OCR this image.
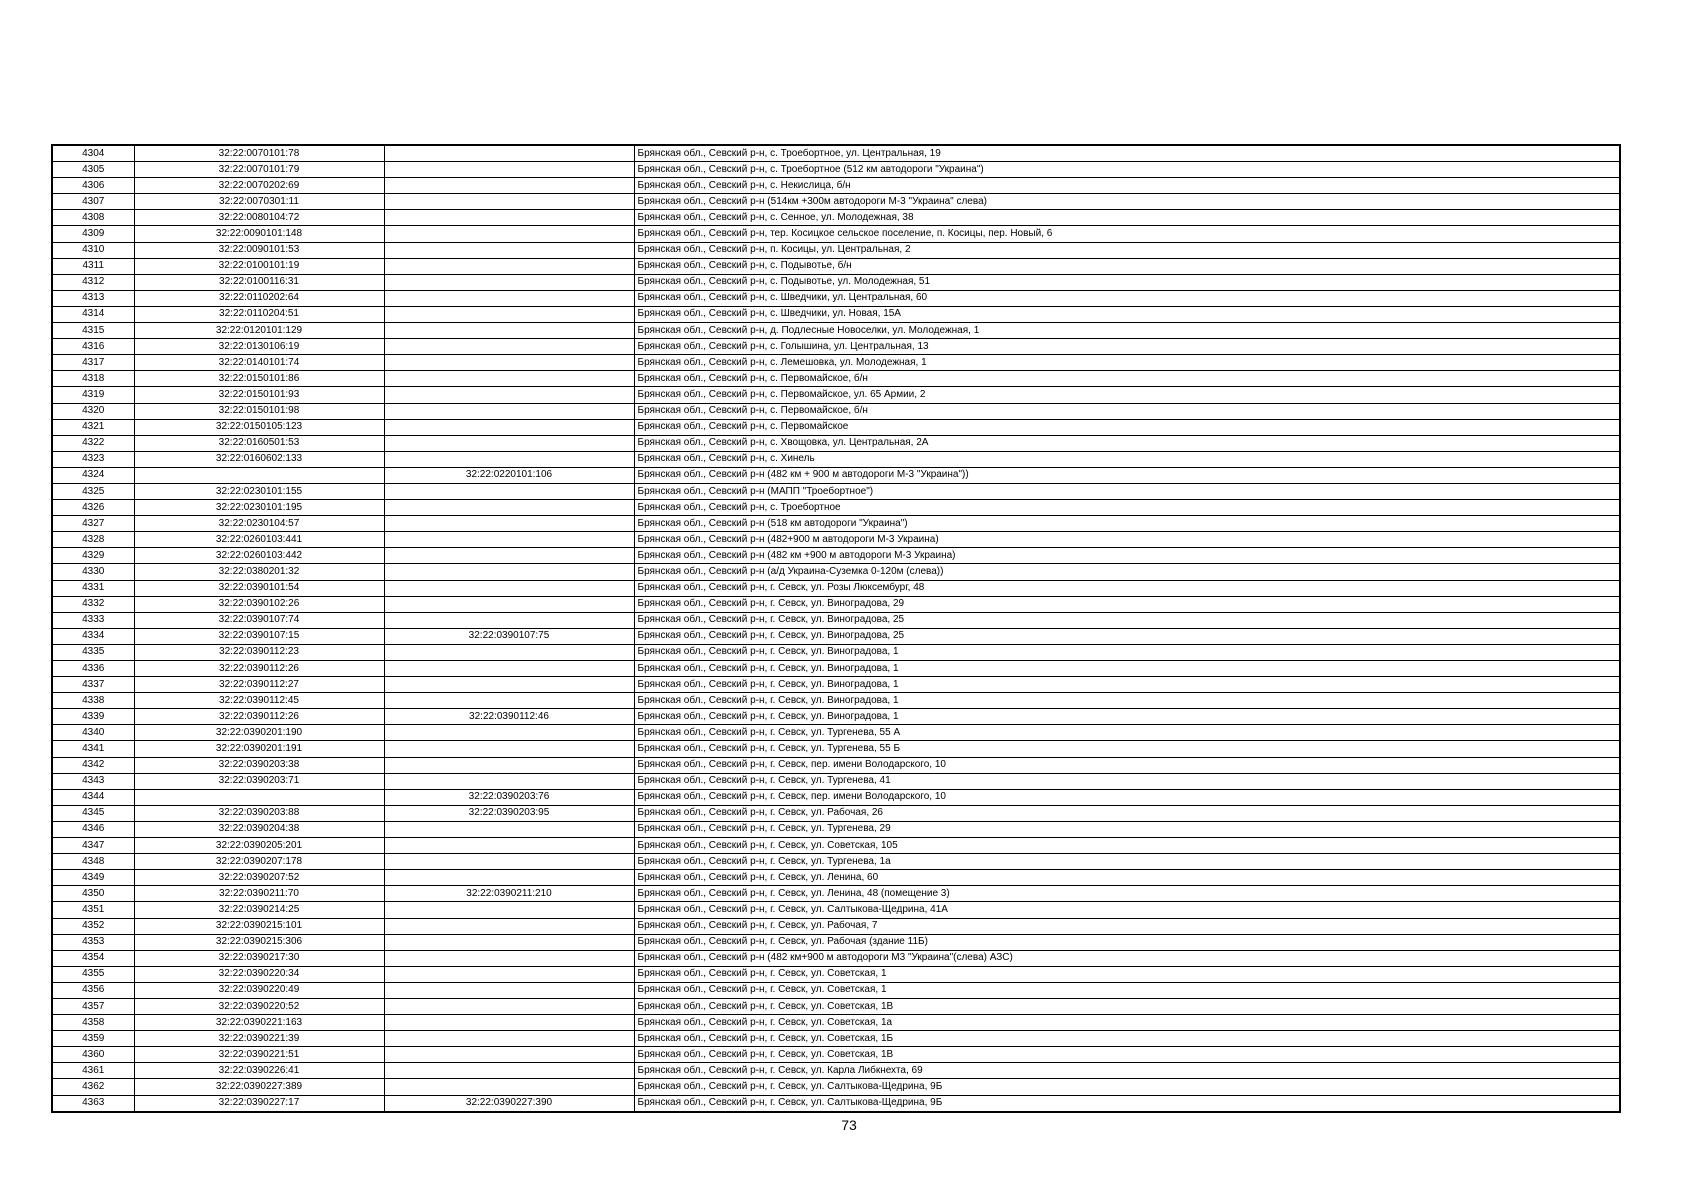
4304	32:22:0070101:78		Брянская обл., Севский р-н, с. Троебортное, ул. Центральная, 19
4305	32:22:0070101:79		Брянская обл., Севский р-н, с. Троебортное (512 км автодороги "Украина")
4306	32:22:0070202:69		Брянская обл., Севский р-н, с. Некислица, б/н
4307	32:22:0070301:11		Брянская обл., Севский р-н (514км +300м автодороги М-3 "Украина" слева)
4308	32:22:0080104:72		Брянская обл., Севский р-н, с. Сенное, ул. Молодежная, 38
4309	32:22:0090101:148		Брянская обл., Севский р-н, тер. Косицкое сельское поселение, п. Косицы, пер. Новый, 6
4310	32:22:0090101:53		Брянская обл., Севский р-н, п. Косицы, ул. Центральная, 2
4311	32:22:0100101:19		Брянская обл., Севский р-н, с. Подывотье, б/н
4312	32:22:0100116:31		Брянская обл., Севский р-н, с. Подывотье, ул. Молодежная, 51
4313	32:22:0110202:64		Брянская обл., Севский р-н, с. Шведчики, ул. Центральная, 60
4314	32:22:0110204:51		Брянская обл., Севский р-н, с. Шведчики, ул. Новая, 15А
4315	32:22:0120101:129		Брянская обл., Севский р-н, д. Подлесные Новоселки, ул. Молодежная, 1
4316	32:22:0130106:19		Брянская обл., Севский р-н, с. Голышина, ул. Центральная, 13
4317	32:22:0140101:74		Брянская обл., Севский р-н, с. Лемешовка, ул. Молодежная, 1
4318	32:22:0150101:86		Брянская обл., Севский р-н, с. Первомайское, б/н
4319	32:22:0150101:93		Брянская обл., Севский р-н, с. Первомайское, ул. 65 Армии, 2
4320	32:22:0150101:98		Брянская обл., Севский р-н, с. Первомайское, б/н
4321	32:22:0150105:123		Брянская обл., Севский р-н, с. Первомайское
4322	32:22:0160501:53		Брянская обл., Севский р-н, с. Хвощовка, ул. Центральная, 2А
4323	32:22:0160602:133		Брянская обл., Севский р-н, с. Хинель
4324		32:22:0220101:106	Брянская обл., Севский р-н (482 км + 900 м автодороги М-3 "Украина"))
4325	32:22:0230101:155		Брянская обл., Севский р-н (МАПП "Троебортное")
4326	32:22:0230101:195		Брянская обл., Севский р-н, с. Троебортное
4327	32:22:0230104:57		Брянская обл., Севский р-н (518 км автодороги "Украина")
4328	32:22:0260103:441		Брянская обл., Севский р-н (482+900 м автодороги М-3 Украина)
4329	32:22:0260103:442		Брянская обл., Севский р-н (482 км +900 м автодороги М-3 Украина)
4330	32:22:0380201:32		Брянская обл., Севский р-н (а/д Украина-Суземка 0-120м (слева))
4331	32:22:0390101:54		Брянская обл., Севский р-н, г. Севск, ул. Розы Люксембург, 48
4332	32:22:0390102:26		Брянская обл., Севский р-н, г. Севск, ул. Виноградова, 29
4333	32:22:0390107:74		Брянская обл., Севский р-н, г. Севск, ул. Виноградова, 25
4334	32:22:0390107:15	32:22:0390107:75	Брянская обл., Севский р-н, г. Севск, ул. Виноградова, 25
4335	32:22:0390112:23		Брянская обл., Севский р-н, г. Севск, ул. Виноградова, 1
4336	32:22:0390112:26		Брянская обл., Севский р-н, г. Севск, ул. Виноградова, 1
4337	32:22:0390112:27		Брянская обл., Севский р-н, г. Севск, ул. Виноградова, 1
4338	32:22:0390112:45		Брянская обл., Севский р-н, г. Севск, ул. Виноградова, 1
4339	32:22:0390112:26	32:22:0390112:46	Брянская обл., Севский р-н, г. Севск, ул. Виноградова, 1
4340	32:22:0390201:190		Брянская обл., Севский р-н, г. Севск, ул. Тургенева, 55 А
4341	32:22:0390201:191		Брянская обл., Севский р-н, г. Севск, ул. Тургенева, 55 Б
4342	32:22:0390203:38		Брянская обл., Севский р-н, г. Севск, пер. имени Володарского, 10
4343	32:22:0390203:71		Брянская обл., Севский р-н, г. Севск, ул. Тургенева, 41
4344		32:22:0390203:76	Брянская обл., Севский р-н, г. Севск, пер. имени Володарского, 10
4345	32:22:0390203:88	32:22:0390203:95	Брянская обл., Севский р-н, г. Севск, ул. Рабочая, 26
4346	32:22:0390204:38		Брянская обл., Севский р-н, г. Севск, ул. Тургенева, 29
4347	32:22:0390205:201		Брянская обл., Севский р-н, г. Севск, ул. Советская, 105
4348	32:22:0390207:178		Брянская обл., Севский р-н, г. Севск, ул. Тургенева, 1а
4349	32:22:0390207:52		Брянская обл., Севский р-н, г. Севск, ул. Ленина, 60
4350	32:22:0390211:70	32:22:0390211:210	Брянская обл., Севский р-н, г. Севск, ул. Ленина, 48 (помещение 3)
4351	32:22:0390214:25		Брянская обл., Севский р-н, г. Севск, ул. Салтыкова-Щедрина, 41А
4352	32:22:0390215:101		Брянская обл., Севский р-н, г. Севск, ул. Рабочая, 7
4353	32:22:0390215:306		Брянская обл., Севский р-н, г. Севск, ул. Рабочая (здание 11Б)
4354	32:22:0390217:30		Брянская обл., Севский р-н (482 км+900 м автодороги М3 "Украина"(слева) АЗС)
4355	32:22:0390220:34		Брянская обл., Севский р-н, г. Севск, ул. Советская, 1
4356	32:22:0390220:49		Брянская обл., Севский р-н, г. Севск, ул. Советская, 1
4357	32:22:0390220:52		Брянская обл., Севский р-н, г. Севск, ул. Советская, 1В
4358	32:22:0390221:163		Брянская обл., Севский р-н, г. Севск, ул. Советская, 1а
4359	32:22:0390221:39		Брянская обл., Севский р-н, г. Севск, ул. Советская, 1Б
4360	32:22:0390221:51		Брянская обл., Севский р-н, г. Севск, ул. Советская, 1В
4361	32:22:0390226:41		Брянская обл., Севский р-н, г. Севск, ул. Карла Либкнехта, 69
4362	32:22:0390227:389		Брянская обл., Севский р-н, г. Севск, ул. Салтыкова-Щедрина, 9Б
4363	32:22:0390227:17	32:22:0390227:390	Брянская обл., Севский р-н, г. Севск, ул. Салтыкова-Щедрина, 9Б
73
